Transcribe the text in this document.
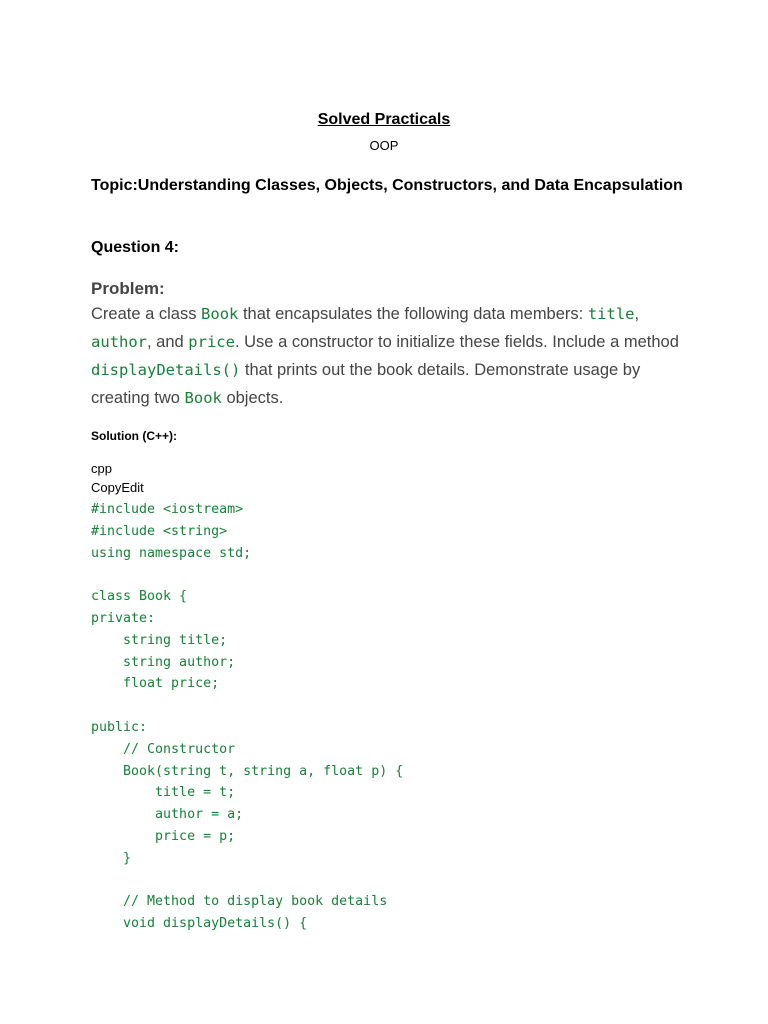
Solved Practicals
OOP
Topic:Understanding Classes, Objects, Constructors, and Data Encapsulation
Question 4:
Problem:
Create a class Book that encapsulates the following data members: title, author, and price. Use a constructor to initialize these fields. Include a method displayDetails() that prints out the book details. Demonstrate usage by creating two Book objects.
Solution (C++):
cpp
CopyEdit
#include <iostream>
#include <string>
using namespace std;
class Book {
private:
string title;
string author;
float price;
public:
// Constructor
Book(string t, string a, float p) {
title = t;
author = a;
price = p;
}
// Method to display book details
void displayDetails() {
